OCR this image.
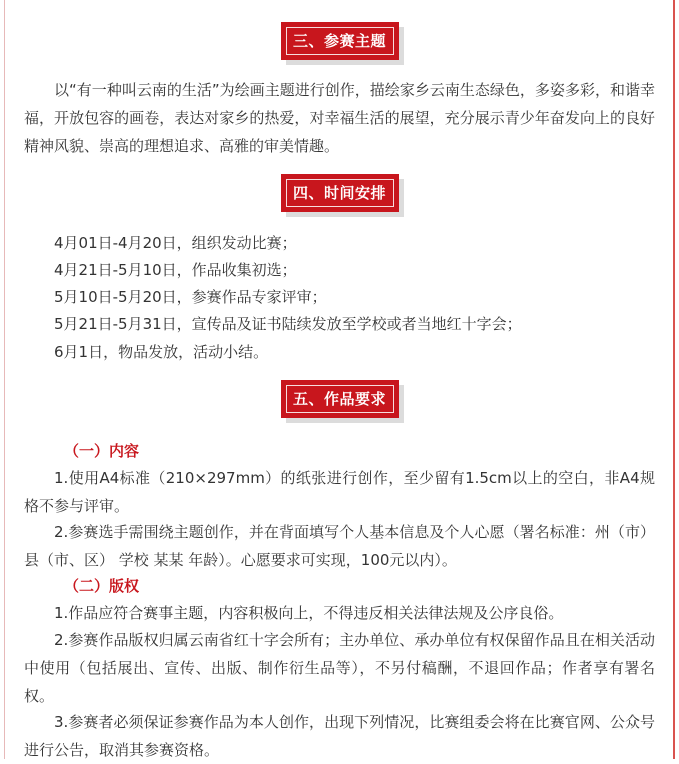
三、参赛主题
以“有一种叫云南的生活”为绘画主题进行创作，描绘家乡云南生态绿色，多姿多彩，和谐幸福，开放包容的画卷，表达对家乡的热爱，对幸福生活的展望，充分展示青少年奋发向上的良好精神风貌、崇高的理想追求、高雅的审美情趣。
四、时间安排
4月01日-4月20日，组织发动比赛；
4月21日-5月10日，作品收集初选；
5月10日-5月20日，参赛作品专家评审；
5月21日-5月31日，宣传品及证书陆续发放至学校或者当地红十字会；
6月1日，物品发放，活动小结。
五、作品要求
（一）内容
1.使用A4标准（210×297mm）的纸张进行创作，至少留有1.5cm以上的空白，非A4规格不参与评审。
2.参赛选手需围绕主题创作，并在背面填写个人基本信息及个人心愿（署名标准：州（市） 县（市、区） 学校 某某 年龄）。心愿要求可实现，100元以内）。
（二）版权
1.作品应符合赛事主题，内容积极向上，不得违反相关法律法规及公序良俗。
2.参赛作品版权归属云南省红十字会所有；主办单位、承办单位有权保留作品且在相关活动中使用（包括展出、宣传、出版、制作衍生品等），不另付稿酬，不退回作品；作者享有署名权。
3.参赛者必须保证参赛作品为本人创作，出现下列情况，比赛组委会将在比赛官网、公众号进行公告，取消其参赛资格。
